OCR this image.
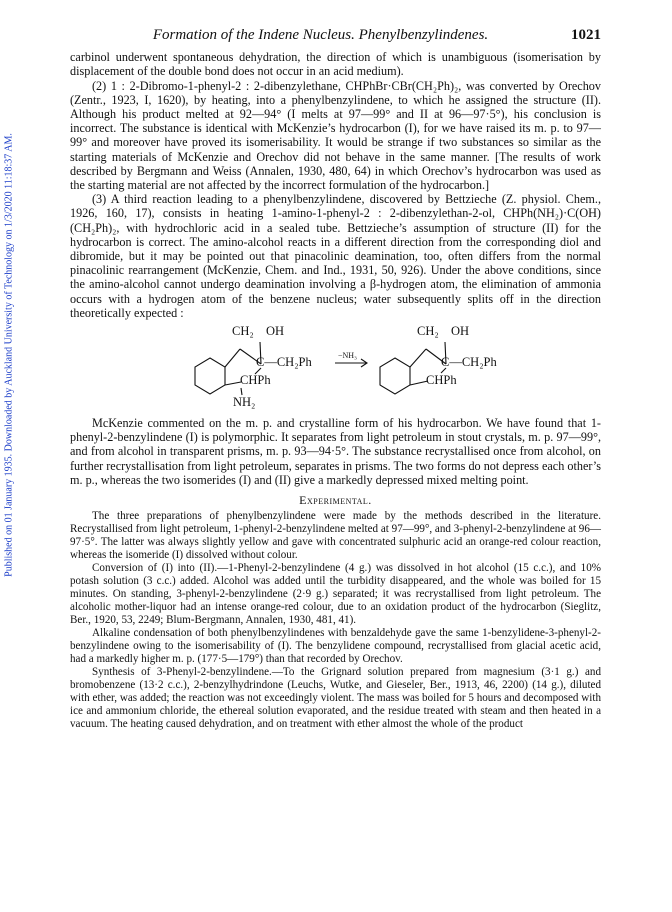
Published on 01 January 1935. Downloaded by Auckland University of Technology on 1/3/2020 11:18:37 AM.
Formation of the Indene Nucleus. Phenylbenzylindenes.	1021

carbinol underwent spontaneous dehydration, the direction of which is unambiguous (isomerisation by displacement of the double bond does not occur in an acid medium).

(2) 1 : 2-Dibromo-1-phenyl-2 : 2-dibenzylethane, CHPhBr·CBr(CH₂Ph)₂, was converted by Orechov (Zentr., 1923, I, 1620), by heating, into a phenylbenzylindene, to which he assigned the structure (II). Although his product melted at 92—94° (I melts at 97—99° and II at 96—97·5°), his conclusion is incorrect. The substance is identical with McKenzie’s hydrocarbon (I), for we have raised its m. p. to 97—99° and moreover have proved its isomerisability. It would be strange if two substances so similar as the starting materials of McKenzie and Orechov did not behave in the same manner. [The results of work described by Bergmann and Weiss (Annalen, 1930, 480, 64) in which Orechov’s hydrocarbon was used as the starting material are not affected by the incorrect formulation of the hydrocarbon.]

(3) A third reaction leading to a phenylbenzylindene, discovered by Bettzieche (Z. physiol. Chem., 1926, 160, 17), consists in heating 1-amino-1-phenyl-2 : 2-dibenzylethan-2-ol, CHPh(NH₂)·C(OH)(CH₂Ph)₂, with hydrochloric acid in a sealed tube. Bettzieche’s assumption of structure (II) for the hydrocarbon is correct. The amino-alcohol reacts in a different direction from the corresponding diol and dibromide, but it may be pointed out that pinacolinic deamination, too, often differs from the normal pinacolinic rearrangement (McKenzie, Chem. and Ind., 1931, 50, 926). Under the above conditions, since the amino-alcohol cannot undergo deamination involving a β-hydrogen atom, the elimination of ammonia occurs with a hydrogen atom of the benzene nucleus; water subsequently splits off in the direction theoretically expected :

CH₂ OH
C—CH₂Ph
CHPh
NH₂
−NH₃
CH₂ OH
C—CH₂Ph
CHPh

McKenzie commented on the m. p. and crystalline form of his hydrocarbon. We have found that 1-phenyl-2-benzylindene (I) is polymorphic. It separates from light petroleum in stout crystals, m. p. 97—99°, and from alcohol in transparent prisms, m. p. 93—94·5°. The substance recrystallised once from alcohol, on further recrystallisation from light petroleum, separates in prisms. The two forms do not depress each other’s m. p., whereas the two isomerides (I) and (II) give a markedly depressed mixed melting point.

Experimental.

The three preparations of phenylbenzylindene were made by the methods described in the literature. Recrystallised from light petroleum, 1-phenyl-2-benzylindene melted at 97—99°, and 3-phenyl-2-benzylindene at 96—97·5°. The latter was always slightly yellow and gave with concentrated sulphuric acid an orange-red colour reaction, whereas the isomeride (I) dissolved without colour.

Conversion of (I) into (II).—1-Phenyl-2-benzylindene (4 g.) was dissolved in hot alcohol (15 c.c.), and 10% potash solution (3 c.c.) added. Alcohol was added until the turbidity disappeared, and the whole was boiled for 15 minutes. On standing, 3-phenyl-2-benzylindene (2·9 g.) separated; it was recrystallised from light petroleum. The alcoholic mother-liquor had an intense orange-red colour, due to an oxidation product of the hydrocarbon (Sieglitz, Ber., 1920, 53, 2249; Blum-Bergmann, Annalen, 1930, 481, 41).

Alkaline condensation of both phenylbenzylindenes with benzaldehyde gave the same 1-benzylidene-3-phenyl-2-benzylindene owing to the isomerisability of (I). The benzylidene compound, recrystallised from glacial acetic acid, had a markedly higher m. p. (177·5—179°) than that recorded by Orechov.

Synthesis of 3-Phenyl-2-benzylindene.—To the Grignard solution prepared from magnesium (3·1 g.) and bromobenzene (13·2 c.c.), 2-benzylhydrindone (Leuchs, Wutke, and Gieseler, Ber., 1913, 46, 2200) (14 g.), diluted with ether, was added; the reaction was not exceedingly violent. The mass was boiled for 5 hours and decomposed with ice and ammonium chloride, the ethereal solution evaporated, and the residue treated with steam and then heated in a vacuum. The heating caused dehydration, and on treatment with ether almost the whole of the product
